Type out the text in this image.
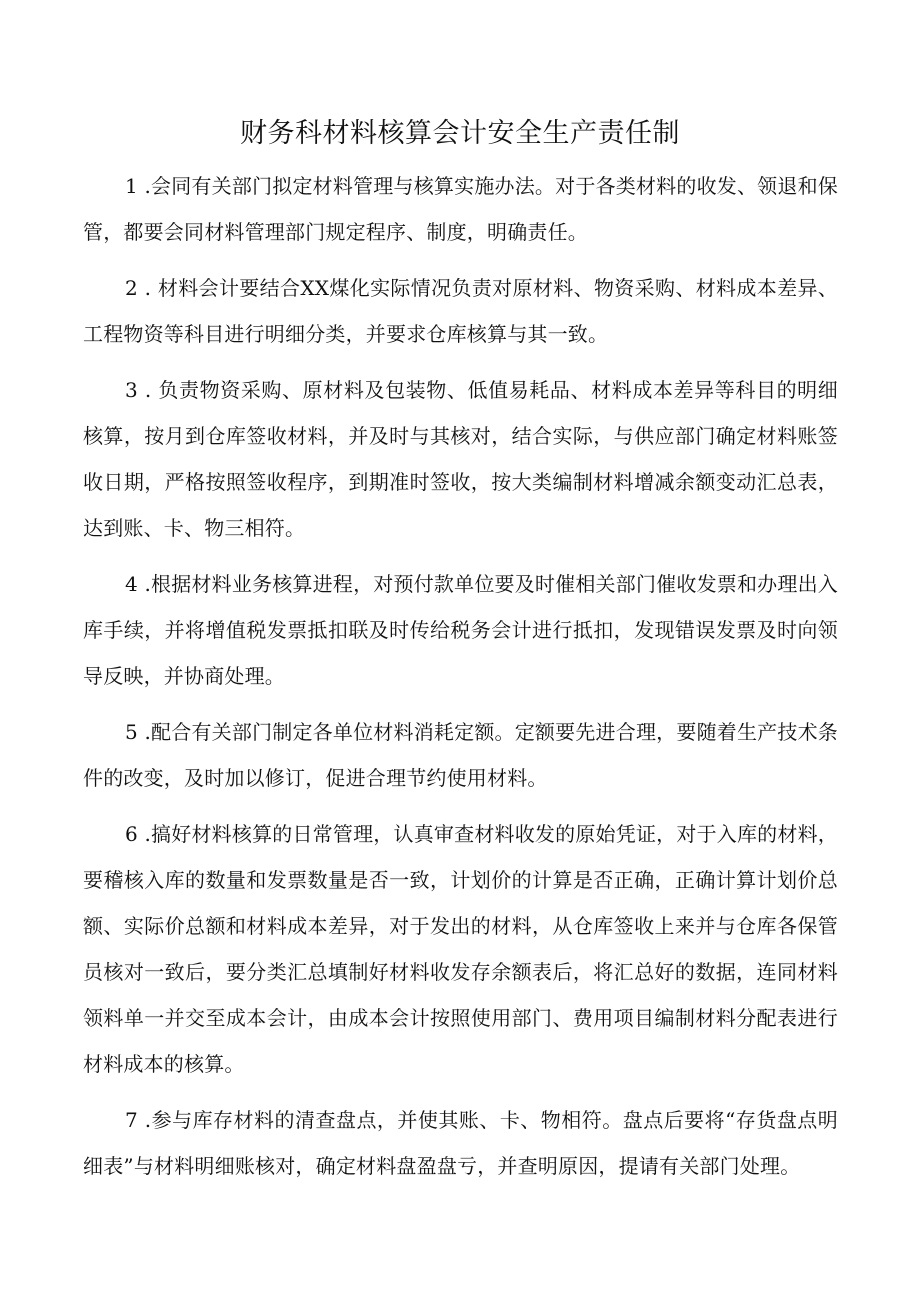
财务科材料核算会计安全生产责任制

1 .会同有关部门拟定材料管理与核算实施办法。对于各类材料的收发、领退和保管，都要会同材料管理部门规定程序、制度，明确责任。

2 . 材料会计要结合XX煤化实际情况负责对原材料、物资采购、材料成本差异、工程物资等科目进行明细分类，并要求仓库核算与其一致。

3 . 负责物资采购、原材料及包装物、低值易耗品、材料成本差异等科目的明细核算，按月到仓库签收材料，并及时与其核对，结合实际，与供应部门确定材料账签收日期，严格按照签收程序，到期准时签收，按大类编制材料增减余额变动汇总表，达到账、卡、物三相符。

4 .根据材料业务核算进程，对预付款单位要及时催相关部门催收发票和办理出入库手续，并将增值税发票抵扣联及时传给税务会计进行抵扣，发现错误发票及时向领导反映，并协商处理。

5 .配合有关部门制定各单位材料消耗定额。定额要先进合理，要随着生产技术条件的改变，及时加以修订，促进合理节约使用材料。

6 .搞好材料核算的日常管理，认真审查材料收发的原始凭证，对于入库的材料，要稽核入库的数量和发票数量是否一致，计划价的计算是否正确，正确计算计划价总额、实际价总额和材料成本差异，对于发出的材料，从仓库签收上来并与仓库各保管员核对一致后，要分类汇总填制好材料收发存余额表后，将汇总好的数据，连同材料领料单一并交至成本会计，由成本会计按照使用部门、费用项目编制材料分配表进行材料成本的核算。

7 .参与库存材料的清查盘点，并使其账、卡、物相符。盘点后要将“存货盘点明细表”与材料明细账核对，确定材料盘盈盘亏，并查明原因，提请有关部门处理。
